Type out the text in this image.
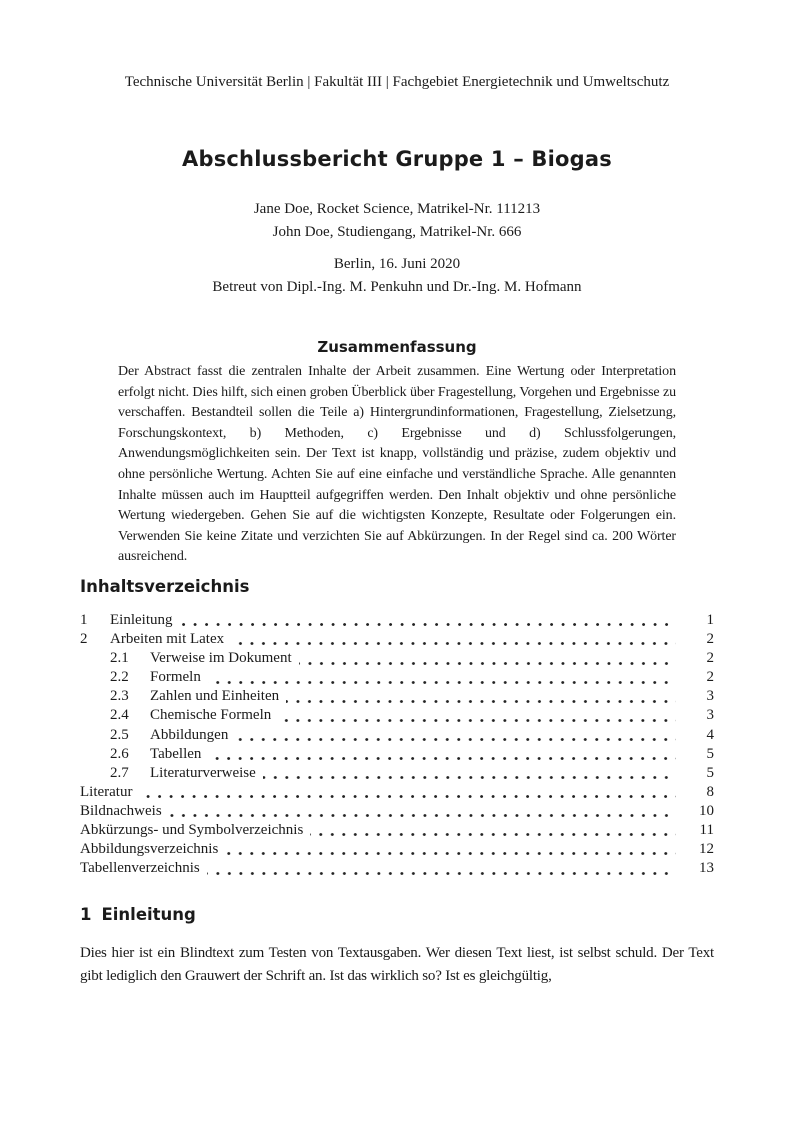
Technische Universität Berlin | Fakultät III | Fachgebiet Energietechnik und Umweltschutz
Abschlussbericht Gruppe 1 – Biogas
Jane Doe, Rocket Science, Matrikel-Nr. 111213
John Doe, Studiengang, Matrikel-Nr. 666
Berlin, 16. Juni 2020
Betreut von Dipl.-Ing. M. Penkuhn und Dr.-Ing. M. Hofmann
Zusammenfassung

Der Abstract fasst die zentralen Inhalte der Arbeit zusammen. Eine Wertung oder Interpretation erfolgt nicht. Dies hilft, sich einen groben Überblick über Fragestellung, Vorgehen und Ergebnisse zu verschaffen. Bestandteil sollen die Teile a) Hintergrundinformationen, Fragestellung, Zielsetzung, Forschungskontext, b) Methoden, c) Ergebnisse und d) Schlussfolgerungen, Anwendungsmöglichkeiten sein. Der Text ist knapp, vollständig und präzise, zudem objektiv und ohne persönliche Wertung. Achten Sie auf eine einfache und verständliche Sprache. Alle genannten Inhalte müssen auch im Hauptteil aufgegriffen werden. Den Inhalt objektiv und ohne persönliche Wertung wiedergeben. Gehen Sie auf die wichtigsten Konzepte, Resultate oder Folgerungen ein. Verwenden Sie keine Zitate und verzichten Sie auf Abkürzungen. In der Regel sind ca. 200 Wörter ausreichend.

Inhaltsverzeichnis
1	Einleitung	1
2	Arbeiten mit Latex	2
2.1	Verweise im Dokument	2
2.2	Formeln	2
2.3	Zahlen und Einheiten	3
2.4	Chemische Formeln	3
2.5	Abbildungen	4
2.6	Tabellen	5
2.7	Literaturverweise	5
Literatur	8
Bildnachweis	10
Abkürzungs- und Symbolverzeichnis	11
Abbildungsverzeichnis	12
Tabellenverzeichnis	13
1 Einleitung

Dies hier ist ein Blindtext zum Testen von Textausgaben. Wer diesen Text liest, ist selbst schuld. Der Text gibt lediglich den Grauwert der Schrift an. Ist das wirklich so? Ist es gleichgültig,
